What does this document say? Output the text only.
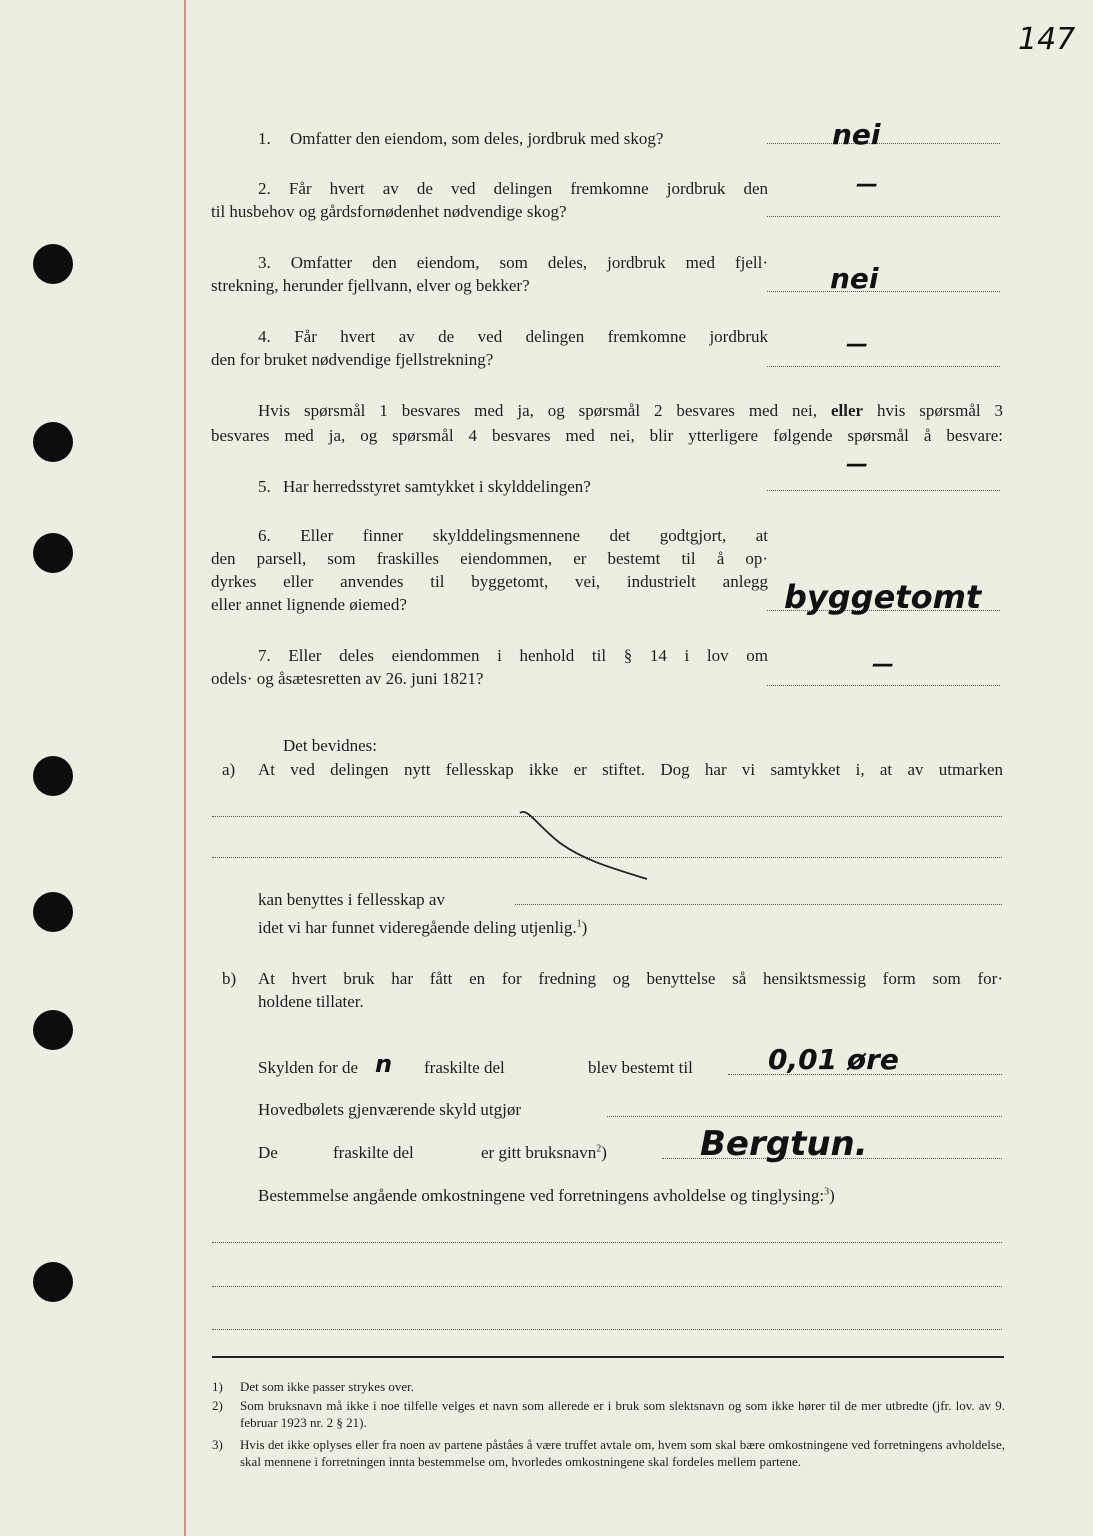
147
1. Omfatter den eiendom, som deles, jordbruk med skog?	nei
2. Får hvert av de ved delingen fremkomne jordbruk den
til husbehov og gårdsfornødenhet nødvendige skog?
—
3. Omfatter den eiendom, som deles, jordbruk med fjell·
strekning, herunder fjellvann, elver og bekker?	nei
4. Får hvert av de ved delingen fremkomne jordbruk
den for bruket nødvendige fjellstrekning?
—
Hvis spørsmål 1 besvares med ja, og spørsmål 2 besvares med nei, eller hvis spørsmål 3
besvares med ja, og spørsmål 4 besvares med nei, blir ytterligere følgende spørsmål å besvare:
5. Har herredsstyret samtykket i skylddelingen?
—
6. Eller finner skylddelingsmennene det godtgjort, at
den parsell, som fraskilles eiendommen, er bestemt til å op·
dyrkes eller anvendes til byggetomt, vei, industrielt anlegg
eller annet lignende øiemed?	byggetomt
7. Eller deles eiendommen i henhold til § 14 i lov om
odels· og åsætesretten av 26. juni 1821?
—
Det bevidnes:
a) At ved delingen nytt fellesskap ikke er stiftet. Dog har vi samtykket i, at av utmarken
kan benyttes i fellesskap av
idet vi har funnet videregående deling utjenlig.$^1$)
b) At hvert bruk har fått en for fredning og benyttelse så hensiktsmessig form som for·
holdene tillater.
Skylden for de n fraskilte del	blev bestemt til	0,01 øre
Hovedbølets gjenværende skyld utgjør
De	fraskilte del	er gitt bruksnavn$^2$)	Bergtun.
Bestemmelse angående omkostningene ved forretningens avholdelse og tinglysing:$^3$)
1) Det som ikke passer strykes over.
2) Som bruksnavn må ikke i noe tilfelle velges et navn som allerede er i bruk som slektsnavn og som ikke hører til de mer utbredte (jfr. lov. av 9. februar 1923 nr. 2 § 21).
3) Hvis det ikke oplyses eller fra noen av partene påståes å være truffet avtale om, hvem som skal bære omkostningene ved forretningens avholdelse, skal mennene i forretningen innta bestemmelse om, hvorledes omkostningene skal fordeles mellem partene.
